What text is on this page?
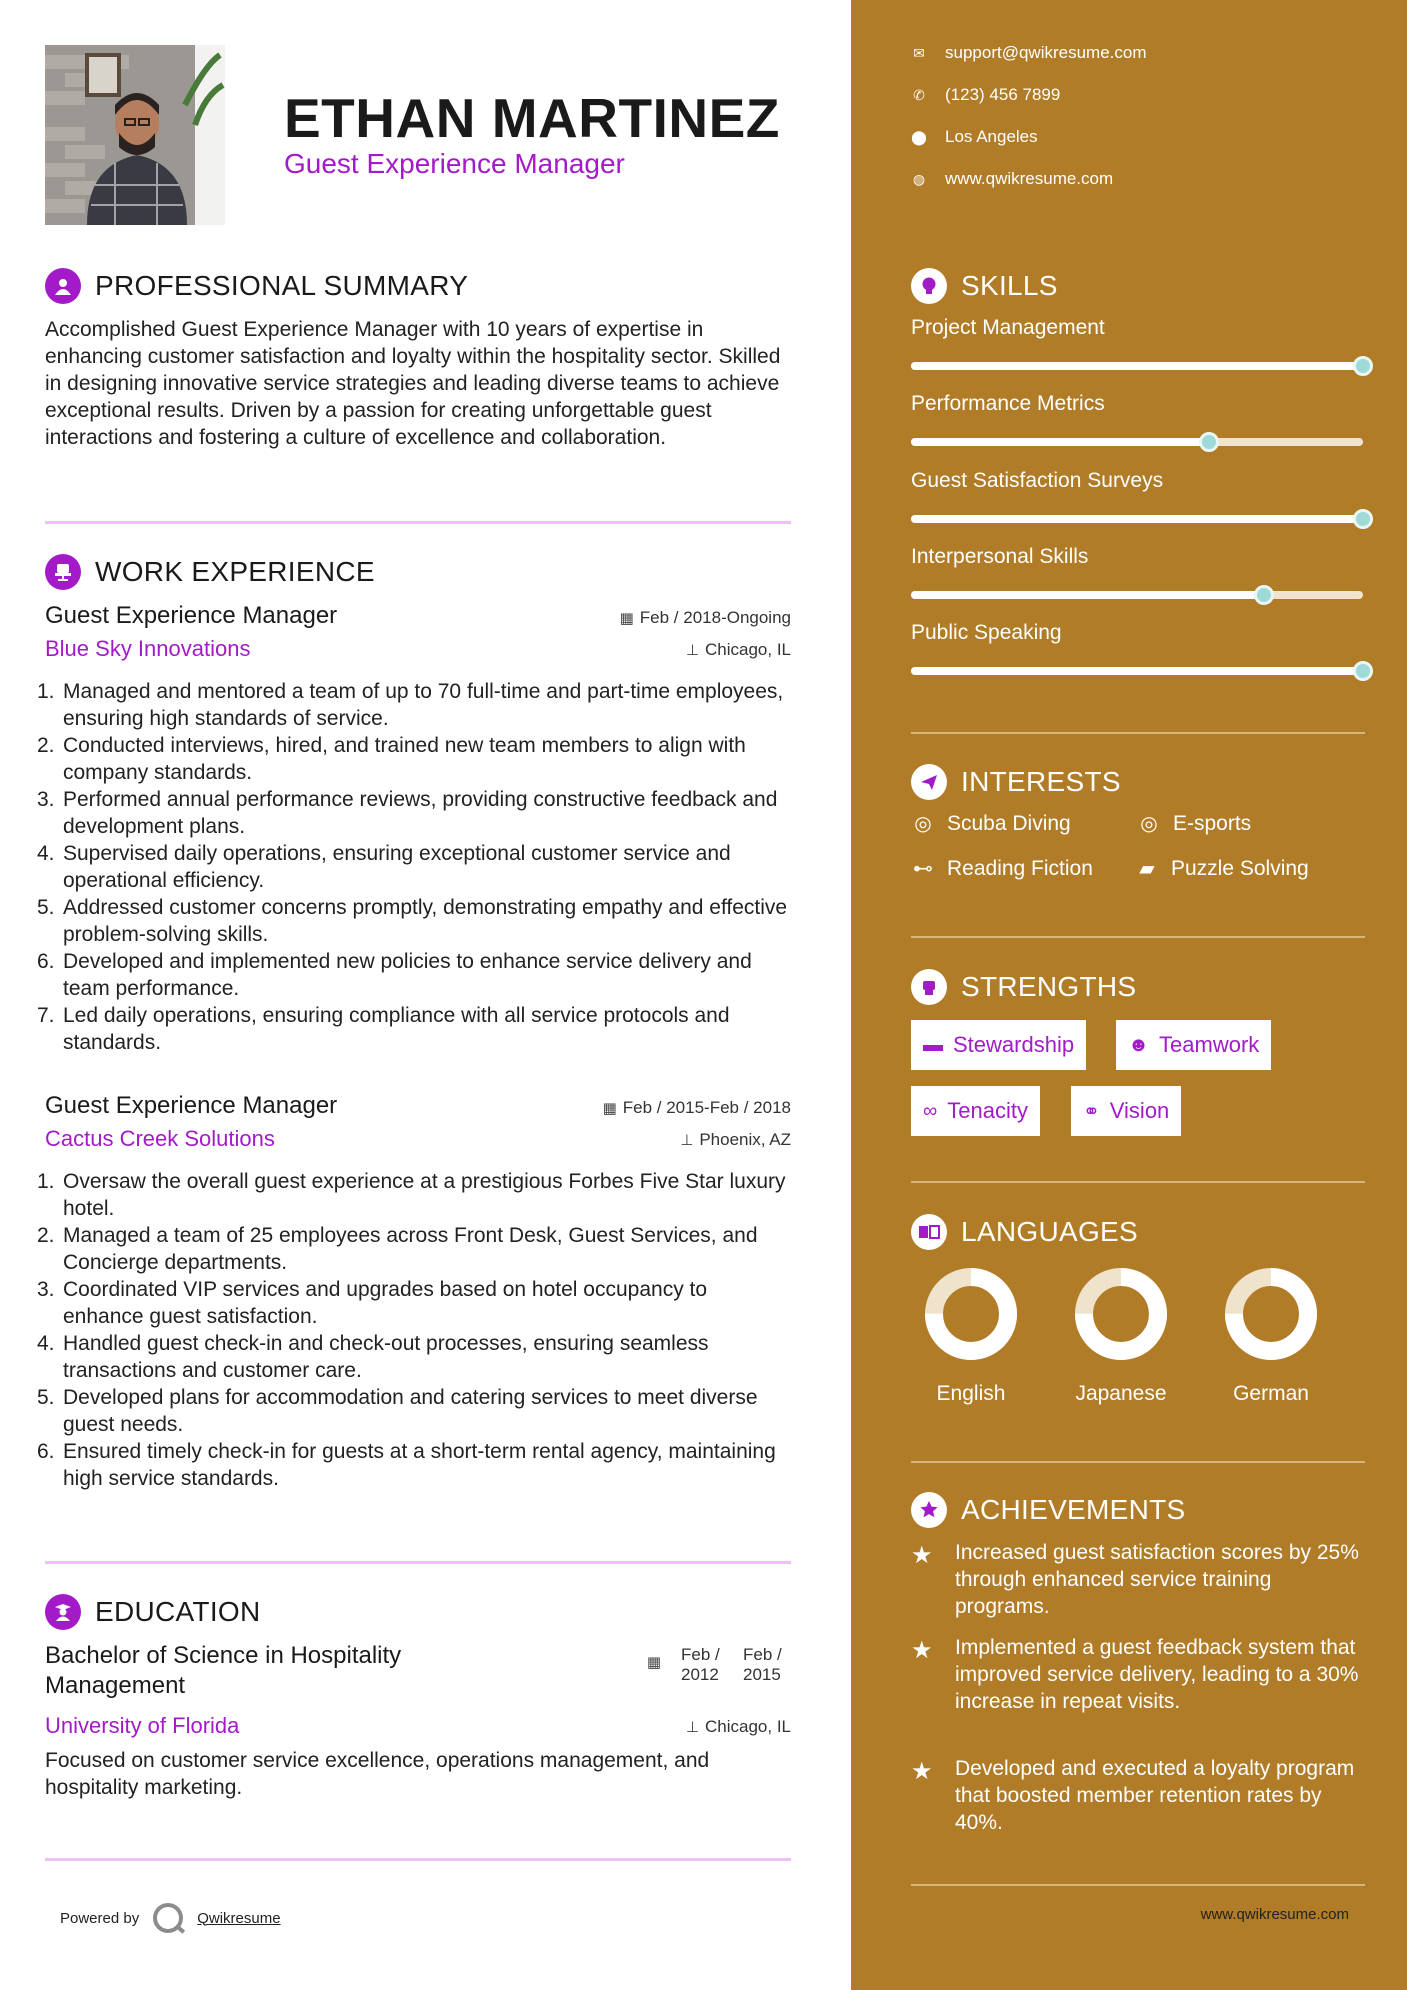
ETHAN MARTINEZ
Guest Experience Manager
PROFESSIONAL SUMMARY
Accomplished Guest Experience Manager with 10 years of expertise in enhancing customer satisfaction and loyalty within the hospitality sector. Skilled in designing innovative service strategies and leading diverse teams to achieve exceptional results. Driven by a passion for creating unforgettable guest interactions and fostering a culture of excellence and collaboration.
WORK EXPERIENCE
Guest Experience Manager	▦ Feb / 2018-Ongoing
Blue Sky Innovations	⊥ Chicago, IL
1. Managed and mentored a team of up to 70 full-time and part-time employees, ensuring high standards of service.
2. Conducted interviews, hired, and trained new team members to align with company standards.
3. Performed annual performance reviews, providing constructive feedback and development plans.
4. Supervised daily operations, ensuring exceptional customer service and operational efficiency.
5. Addressed customer concerns promptly, demonstrating empathy and effective problem-solving skills.
6. Developed and implemented new policies to enhance service delivery and team performance.
7. Led daily operations, ensuring compliance with all service protocols and standards.
Guest Experience Manager	▦ Feb / 2015-Feb / 2018
Cactus Creek Solutions	⊥ Phoenix, AZ
1. Oversaw the overall guest experience at a prestigious Forbes Five Star luxury hotel.
2. Managed a team of 25 employees across Front Desk, Guest Services, and Concierge departments.
3. Coordinated VIP services and upgrades based on hotel occupancy to enhance guest satisfaction.
4. Handled guest check-in and check-out processes, ensuring seamless transactions and customer care.
5. Developed plans for accommodation and catering services to meet diverse guest needs.
6. Ensured timely check-in for guests at a short-term rental agency, maintaining high service standards.
EDUCATION
Bachelor of Science in Hospitality Management
▦ Feb / 2012
Feb / 2015
University of Florida	⊥ Chicago, IL
Focused on customer service excellence, operations management, and hospitality marketing.
Powered by	Qwikresume
✉ support@qwikresume.com
✆ (123) 456 7899
⬤ Los Angeles
◍ www.qwikresume.com
SKILLS
Project Management
Performance Metrics
Guest Satisfaction Surveys
Interpersonal Skills
Public Speaking
INTERESTS
◎ Scuba Diving	◎ E-sports
⊷ Reading Fiction ▰ Puzzle Solving
STRENGTHS
▬ Stewardship	☻ Teamwork
∞ Tenacity	⚭ Vision
LANGUAGES
English	Japanese	German
ACHIEVEMENTS
★	Increased guest satisfaction scores by 25% through enhanced service training programs.
★	Implemented a guest feedback system that improved service delivery, leading to a 30% increase in repeat visits.
★	Developed and executed a loyalty program that boosted member retention rates by 40%.
www.qwikresume.com
